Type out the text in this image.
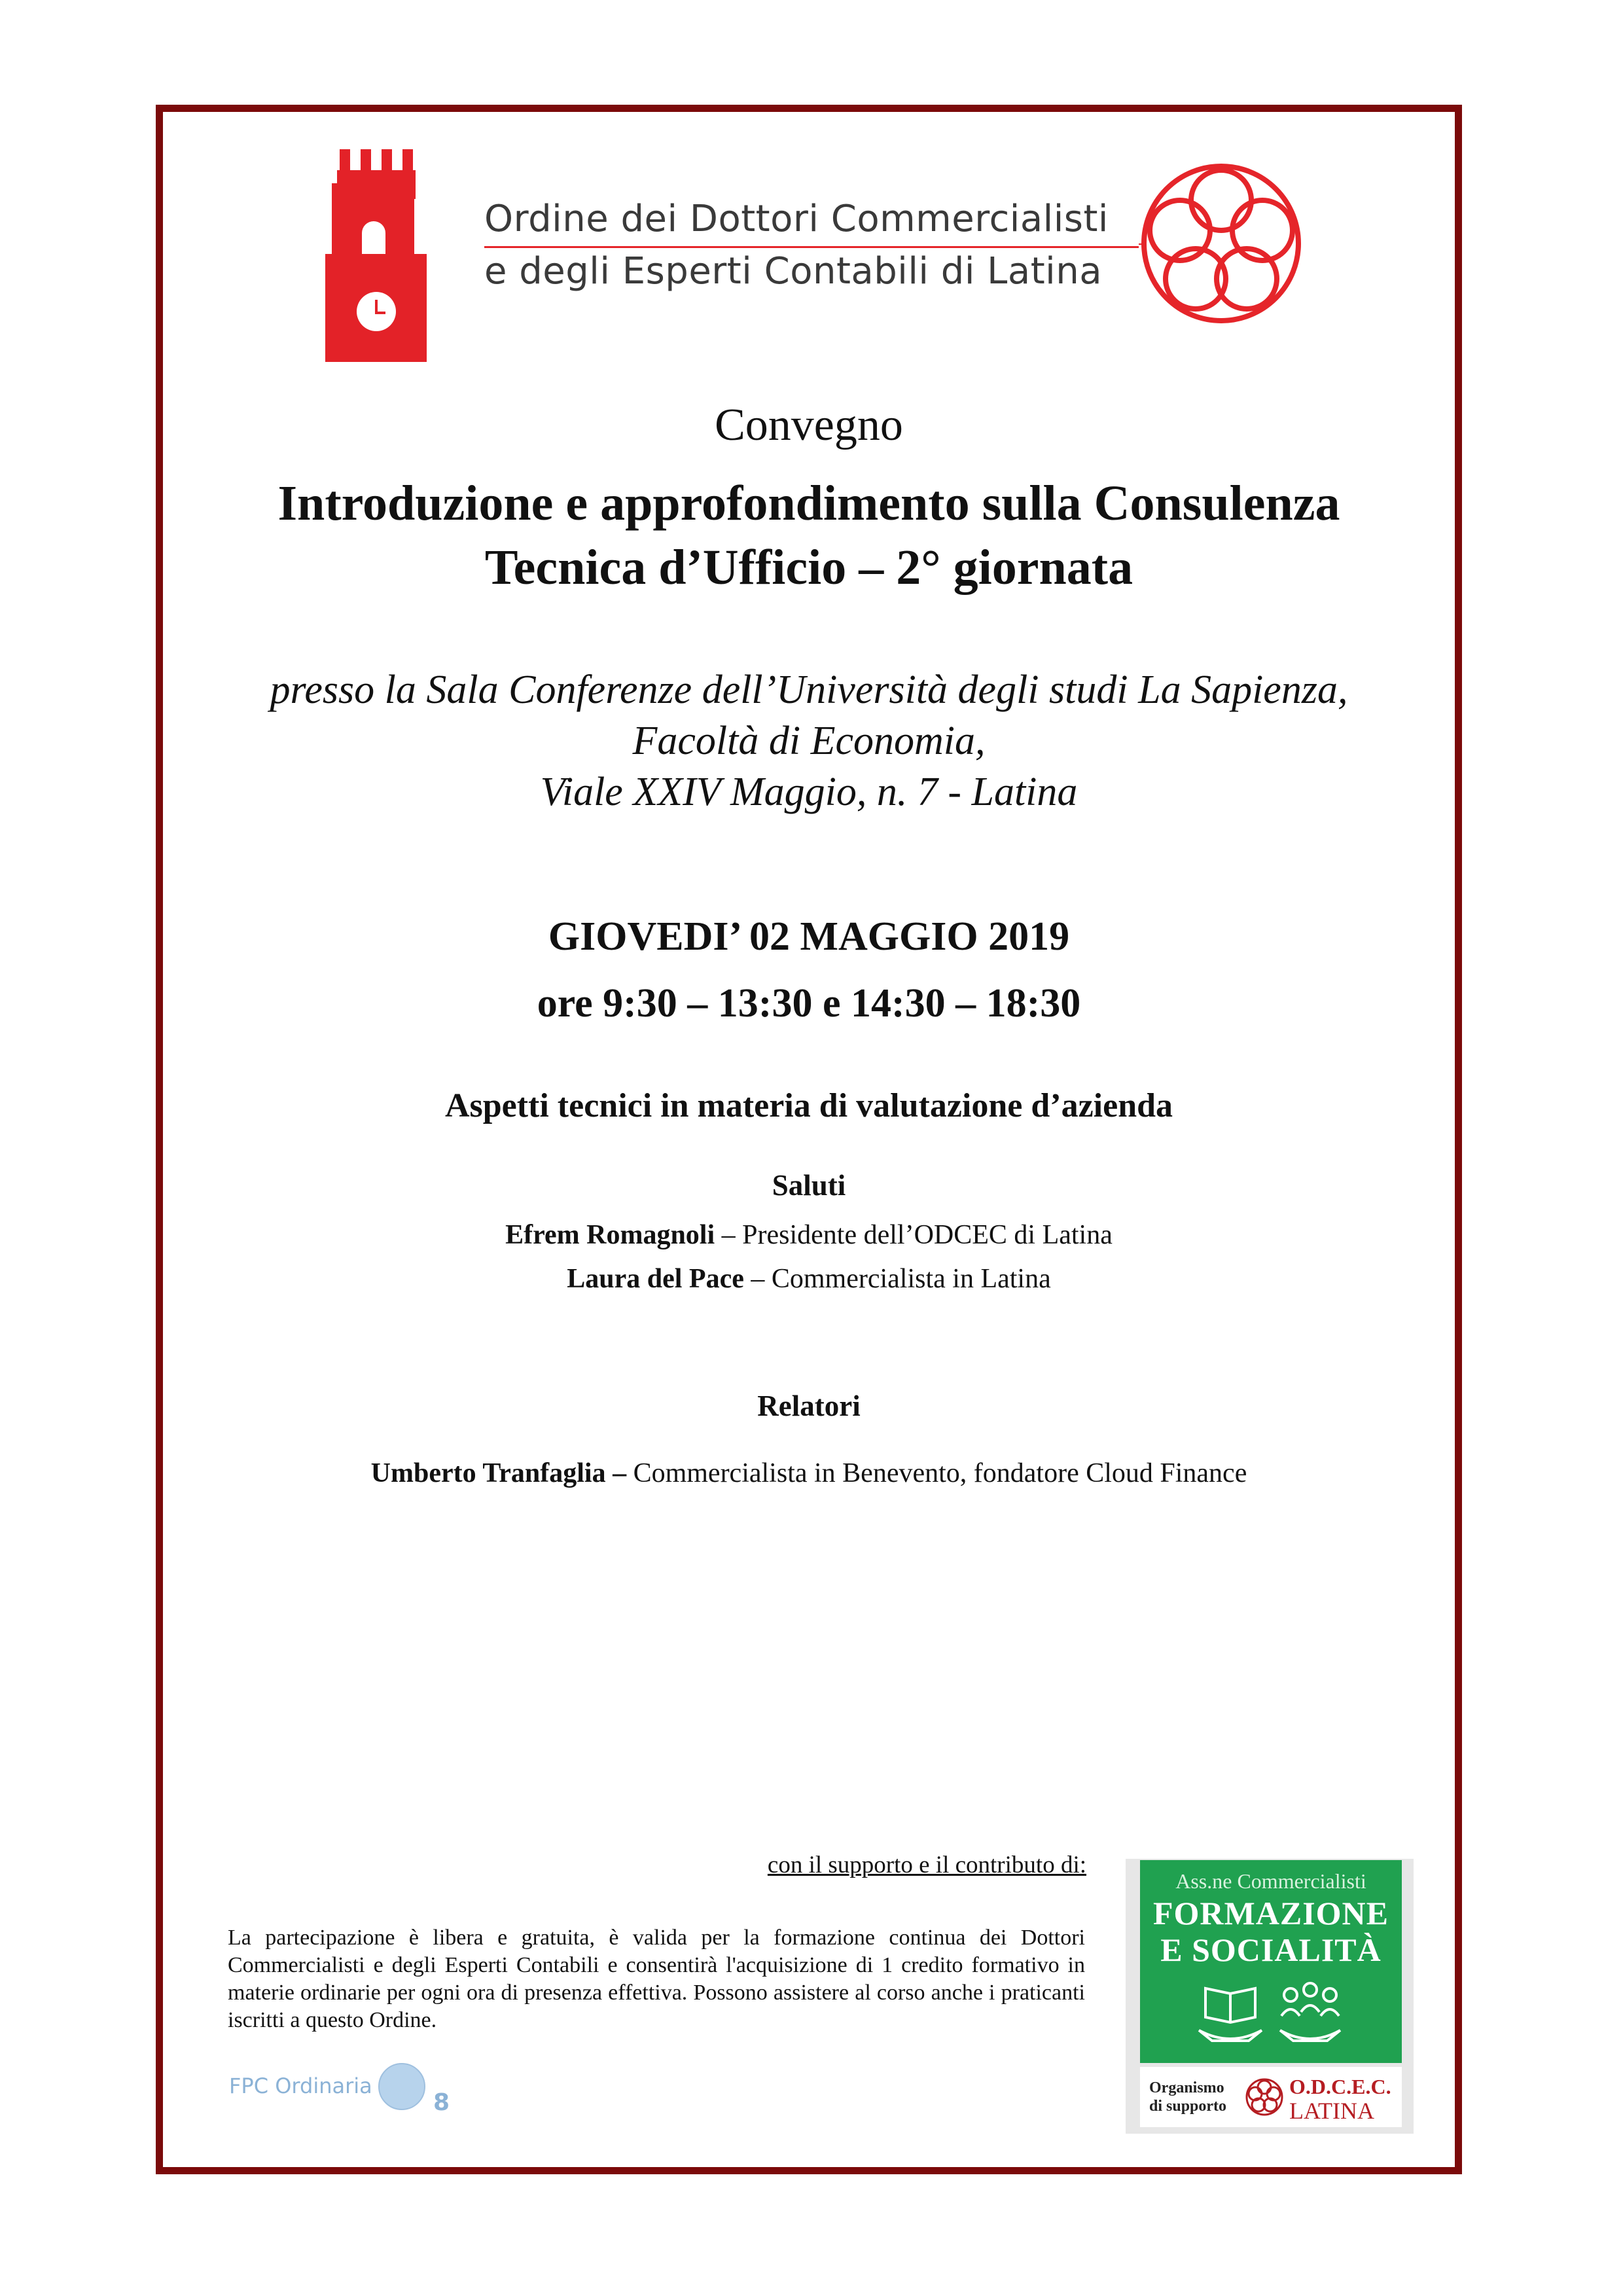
Ordine dei Dottori Commercialisti
e degli Esperti Contabili di Latina
Convegno
Introduzione e approfondimento sulla Consulenza
Tecnica d’Ufficio – 2° giornata
presso la Sala Conferenze dell’Università degli studi La Sapienza,
Facoltà di Economia,
Viale XXIV Maggio, n. 7 - Latina
GIOVEDI’ 02 MAGGIO 2019
ore 9:30 – 13:30 e 14:30 – 18:30
Aspetti tecnici in materia di valutazione d’azienda
Saluti
Efrem Romagnoli – Presidente dell’ODCEC di Latina
Laura del Pace – Commercialista in Latina
Relatori
Umberto Tranfaglia – Commercialista in Benevento, fondatore Cloud Finance
con il supporto e il contributo di:
La partecipazione è libera e gratuita, è valida per la formazione continua dei Dottori Commercialisti e degli Esperti Contabili e consentirà l'acquisizione di 1 credito formativo in materie ordinarie per ogni ora di presenza effettiva. Possono assistere al corso anche i praticanti iscritti a questo Ordine.
FPC Ordinaria
8
Ass.ne Commercialisti
FORMAZIONE
E SOCIALITÀ
Organismo
di supporto
O.D.C.E.C.
LATINA
